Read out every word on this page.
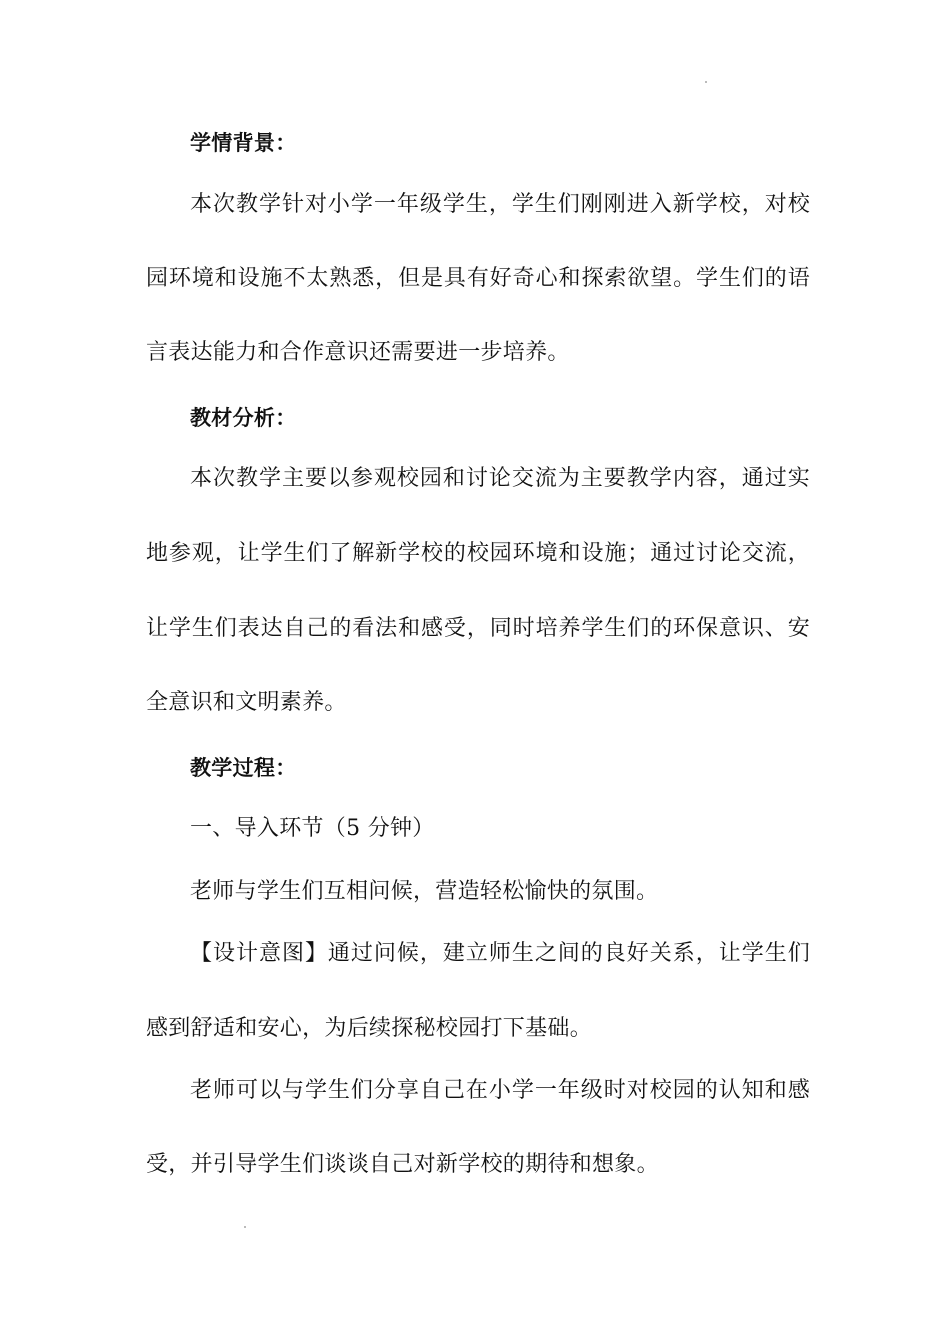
学情背景：
本次教学针对小学一年级学生，学生们刚刚进入新学校，对校
园环境和设施不太熟悉，但是具有好奇心和探索欲望。学生们的语
言表达能力和合作意识还需要进一步培养。
教材分析：
本次教学主要以参观校园和讨论交流为主要教学内容，通过实
地参观，让学生们了解新学校的校园环境和设施；通过讨论交流，
让学生们表达自己的看法和感受，同时培养学生们的环保意识、安
全意识和文明素养。
教学过程：
一、导入环节（5 分钟）
老师与学生们互相问候，营造轻松愉快的氛围。
【设计意图】通过问候，建立师生之间的良好关系，让学生们
感到舒适和安心，为后续探秘校园打下基础。
老师可以与学生们分享自己在小学一年级时对校园的认知和感
受，并引导学生们谈谈自己对新学校的期待和想象。
